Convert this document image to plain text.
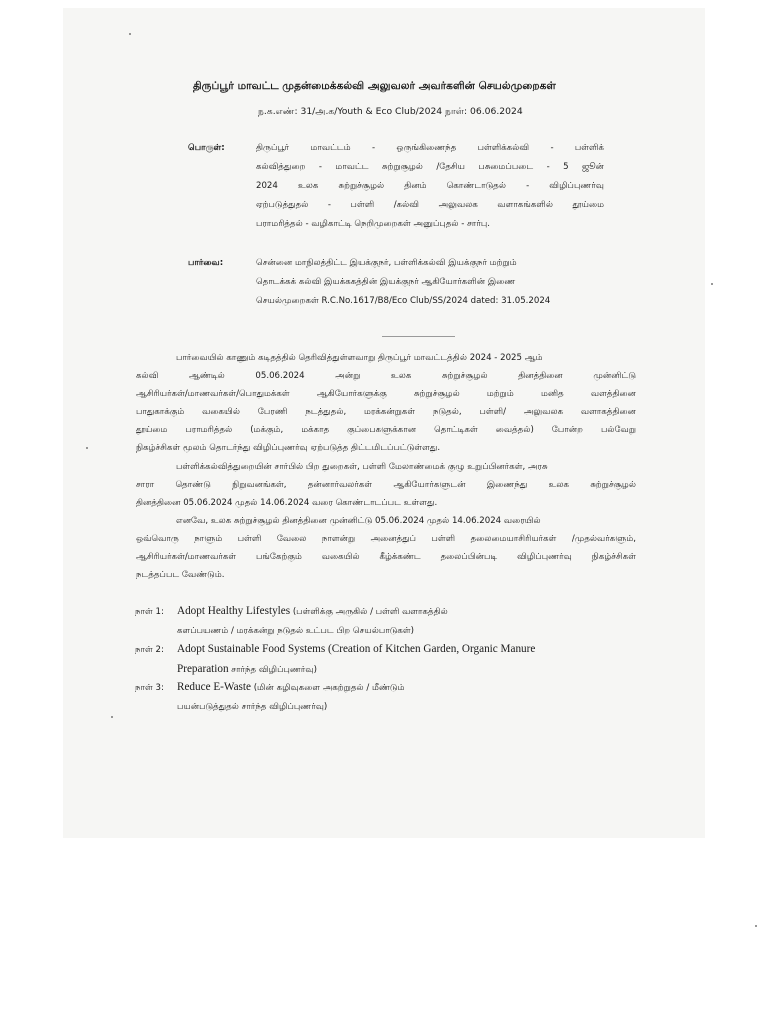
திருப்பூர் மாவட்ட முதன்மைக்கல்வி அலுவலர் அவர்களின் செயல்முறைகள்
ந.க.எண்: 31/அ.க/Youth & Eco Club/2024 நாள்: 06.06.2024
பொருள்:	திருப்பூர் மாவட்டம் - ஒருங்கிணைந்த பள்ளிக்கல்வி - பள்ளிக்
கல்வித்துறை - மாவட்ட சுற்றுசூழல் /தேசிய பசுமைப்படை - 5 ஜூன்
2024 உலக சுற்றுச்சூழல் தினம் கொண்டாடுதல் - விழிப்புணர்வு
ஏற்படுத்துதல் - பள்ளி /கல்வி அலுவலக வளாகங்களில் தூய்மை
பராமரித்தல் - வழிகாட்டி நெறிமுறைகள் அனுப்புதல் - சார்பு.
பார்வை:	சென்னை மாநிலத்திட்ட இயக்குநர், பள்ளிக்கல்வி இயக்குநர் மற்றும்
தொடக்கக் கல்வி இயக்ககத்தின் இயக்குநர் ஆகியோர்களின் இணை
செயல்முறைகள் R.C.No.1617/B8/Eco Club/SS/2024 dated: 31.05.2024
பார்வையில் காணும் கடிதத்தில் தெரிவித்துள்ளவாறு திருப்பூர் மாவட்டத்தில் 2024 - 2025 ஆம்
கல்வி ஆண்டில் 05.06.2024 அன்று உலக சுற்றுச்சூழல் தினத்தினை முன்னிட்டு
ஆசிரியர்கள்/மாணவர்கள்/பொதுமக்கள் ஆகியோர்களுக்கு சுற்றுச்சூழல் மற்றும் மனித வளத்தினை
பாதுகாக்கும் வகையில் பேரணி நடத்துதல், மரக்கன்றுகள் நடுதல், பள்ளி/ அலுவலக வளாகத்தினை
தூய்மை பராமரித்தல் (மக்கும், மக்காத குப்பைகளுக்கான தொட்டிகள் வைத்தல்) போன்ற பல்வேறு
நிகழ்ச்சிகள் மூலம் தொடர்ந்து விழிப்புணர்வு ஏற்படுத்த திட்டமிடப்பட்டுள்ளது.
பள்ளிக்கல்வித்துறையின் சார்பில் பிற துறைகள், பள்ளி மேலாண்மைக் குழு உறுப்பினர்கள், அரசு
சாரா தொண்டு நிறுவனங்கள், தன்னார்வலர்கள் ஆகியோர்களுடன் இணைந்து உலக சுற்றுச்சூழல்
தினத்தினை 05.06.2024 முதல் 14.06.2024 வரை கொண்டாடப்பட உள்ளது.
எனவே, உலக சுற்றுச்சூழல் தினத்தினை முன்னிட்டு 05.06.2024 முதல் 14.06.2024 வரையில்
ஒவ்வொரு நாளும் பள்ளி வேலை நாளன்று அனைத்துப் பள்ளி தலைமையாசிரியர்கள் /முதல்வர்களும்,
ஆசிரியர்கள்/மாணவர்கள் பங்கேற்கும் வகையில் கீழ்க்கண்ட தலைப்பின்படி விழிப்புணர்வு நிகழ்ச்சிகள்
நடத்தப்பட வேண்டும்.
நாள் 1: Adopt Healthy Lifestyles (பள்ளிக்கு அருகில் / பள்ளி வளாகத்தில்
களப்பயணம் / மரக்கன்று நடுதல் உட்பட பிற செயல்பாடுகள்)
நாள் 2: Adopt Sustainable Food Systems (Creation of Kitchen Garden, Organic Manure
Preparation சார்ந்த விழிப்புணர்வு)
நாள் 3: Reduce E-Waste (மின் கழிவுகளை அகற்றுதல் / மீண்டும்
பயன்படுத்துதல் சார்ந்த விழிப்புணர்வு)
